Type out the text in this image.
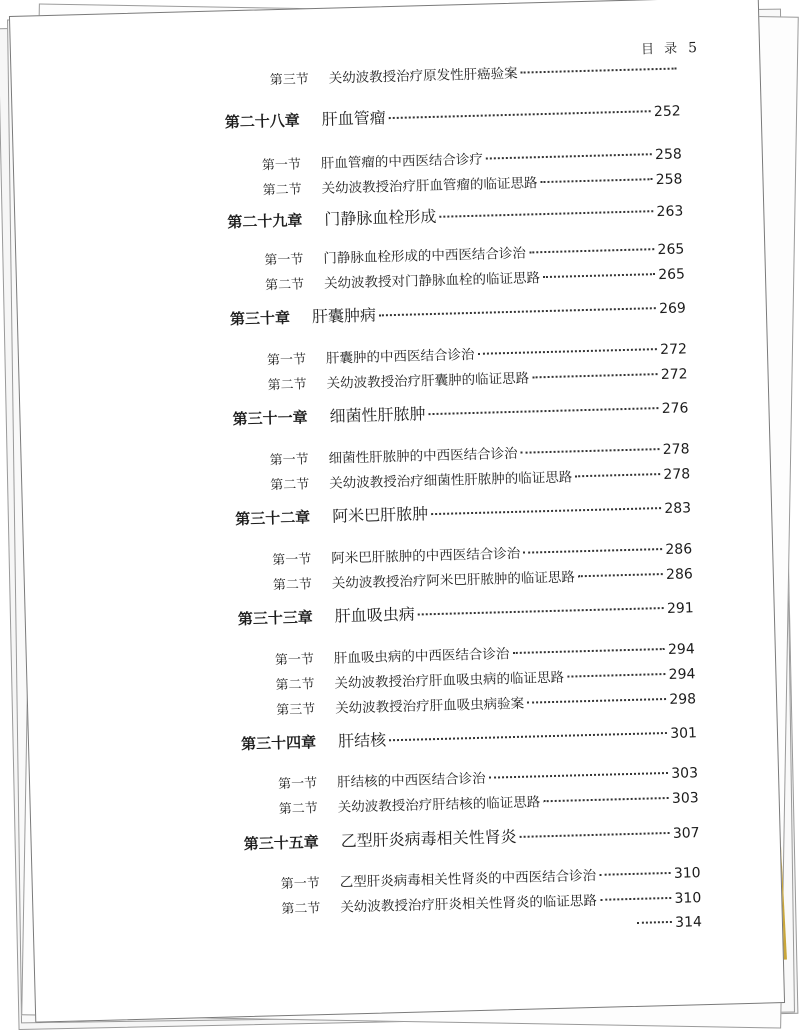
目 录 5
第三节 关幼波教授治疗原发性肝癌验案
第二十八章 肝血管瘤	252
第一节 肝血管瘤的中西医结合诊疗	258
第二节 关幼波教授治疗肝血管瘤的临证思路	258
第二十九章 门静脉血栓形成	263
第一节 门静脉血栓形成的中西医结合诊治	265
第二节 关幼波教授对门静脉血栓的临证思路	265
第三十章 肝囊肿病	269
第一节 肝囊肿的中西医结合诊治	272
第二节 关幼波教授治疗肝囊肿的临证思路	272
第三十一章 细菌性肝脓肿	276
第一节 细菌性肝脓肿的中西医结合诊治	278
第二节 关幼波教授治疗细菌性肝脓肿的临证思路	278
第三十二章 阿米巴肝脓肿	283
第一节 阿米巴肝脓肿的中西医结合诊治	286
第二节 关幼波教授治疗阿米巴肝脓肿的临证思路	286
第三十三章 肝血吸虫病	291
第一节 肝血吸虫病的中西医结合诊治	294
第二节 关幼波教授治疗肝血吸虫病的临证思路	294
第三节 关幼波教授治疗肝血吸虫病验案	298
第三十四章 肝结核	301
第一节 肝结核的中西医结合诊治	303
第二节 关幼波教授治疗肝结核的临证思路	303
第三十五章 乙型肝炎病毒相关性肾炎	307
第一节 乙型肝炎病毒相关性肾炎的中西医结合诊治	310
第二节 关幼波教授治疗肝炎相关性肾炎的临证思路	310
314
